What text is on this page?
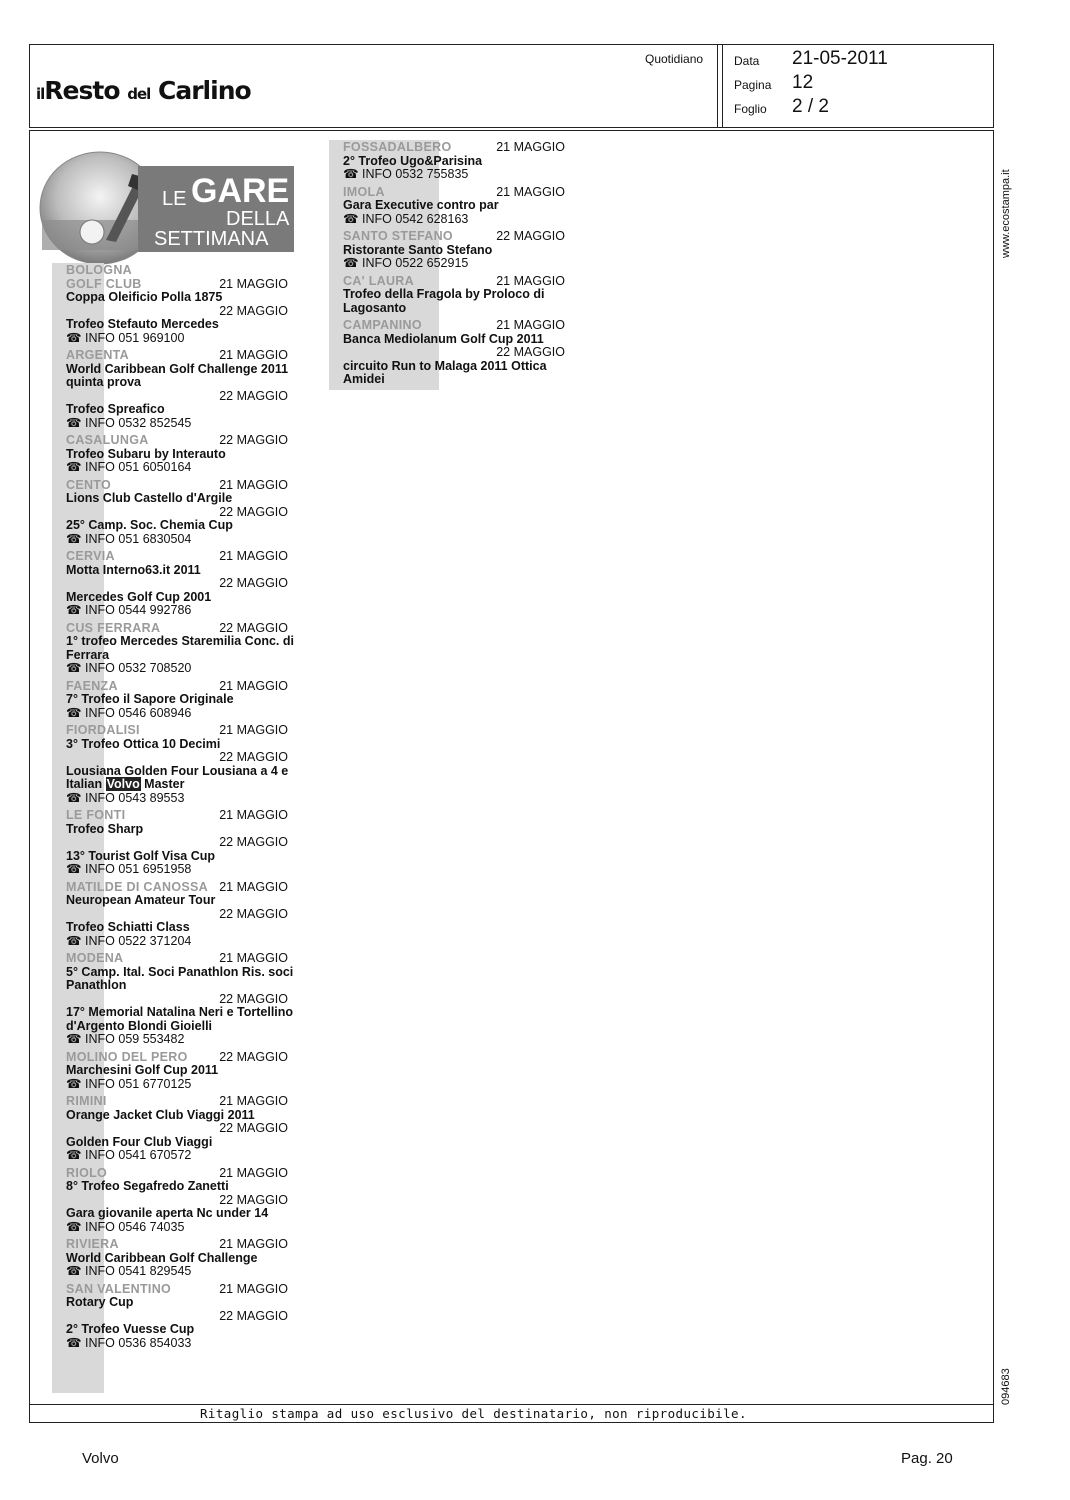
ilResto del Carlino
Quotidiano	Data 21-05-2011
Pagina 12
Foglio 2 / 2
Ritaglio stampa ad uso esclusivo del destinatario, non riproducibile.
www.ecostampa.it
094683
LE GARE
DELLA
SETTIMANA
BOLOGNA
GOLF CLUB	21 MAGGIO
Coppa Oleificio Polla 1875
22 MAGGIO
Trofeo Stefauto Mercedes
☎ INFO 051 969100
ARGENTA	21 MAGGIO
World Caribbean Golf Challenge 2011 quinta prova
22 MAGGIO
Trofeo Spreafico
☎ INFO 0532 852545
CASALUNGA	22 MAGGIO
Trofeo Subaru by Interauto
☎ INFO 051 6050164
CENTO	21 MAGGIO
Lions Club Castello d'Argile
22 MAGGIO
25° Camp. Soc. Chemia Cup
☎ INFO 051 6830504
CERVIA	21 MAGGIO
Motta Interno63.it 2011
22 MAGGIO
Mercedes Golf Cup 2001
☎ INFO 0544 992786
CUS FERRARA	22 MAGGIO
1° trofeo Mercedes Staremilia Conc. di Ferrara
☎ INFO 0532 708520
FAENZA	21 MAGGIO
7° Trofeo il Sapore Originale
☎ INFO 0546 608946
FIORDALISI	21 MAGGIO
3° Trofeo Ottica 10 Decimi
22 MAGGIO
Lousiana Golden Four Lousiana a 4 e Italian Volvo Master
☎ INFO 0543 89553
LE FONTI	21 MAGGIO
Trofeo Sharp
22 MAGGIO
13° Tourist Golf Visa Cup
☎ INFO 051 6951958
MATILDE DI CANOSSA 21 MAGGIO
Neuropean Amateur Tour
22 MAGGIO
Trofeo Schiatti Class
☎ INFO 0522 371204
MODENA	21 MAGGIO
5° Camp. Ital. Soci Panathlon Ris. soci Panathlon
22 MAGGIO
17° Memorial Natalina Neri e Tortellino d'Argento Blondi Gioielli
☎ INFO 059 553482
MOLINO DEL PERO	22 MAGGIO
Marchesini Golf Cup 2011
☎ INFO 051 6770125
RIMINI	21 MAGGIO
Orange Jacket Club Viaggi 2011
22 MAGGIO
Golden Four Club Viaggi
☎ INFO 0541 670572
RIOLO	21 MAGGIO
8° Trofeo Segafredo Zanetti
22 MAGGIO
Gara giovanile aperta Nc under 14
☎ INFO 0546 74035
RIVIERA	21 MAGGIO
World Caribbean Golf Challenge
☎ INFO 0541 829545
SAN VALENTINO	21 MAGGIO
Rotary Cup
22 MAGGIO
2° Trofeo Vuesse Cup
☎ INFO 0536 854033
FOSSADALBERO	21 MAGGIO
2° Trofeo Ugo&Parisina
☎ INFO 0532 755835
IMOLA	21 MAGGIO
Gara Executive contro par
☎ INFO 0542 628163
SANTO STEFANO	22 MAGGIO
Ristorante Santo Stefano
☎ INFO 0522 652915
CA' LAURA	21 MAGGIO
Trofeo della Fragola by Proloco di Lagosanto
CAMPANINO	21 MAGGIO
Banca Mediolanum Golf Cup 2011
22 MAGGIO
circuito Run to Malaga 2011 Ottica Amidei
Volvo	Pag. 20
